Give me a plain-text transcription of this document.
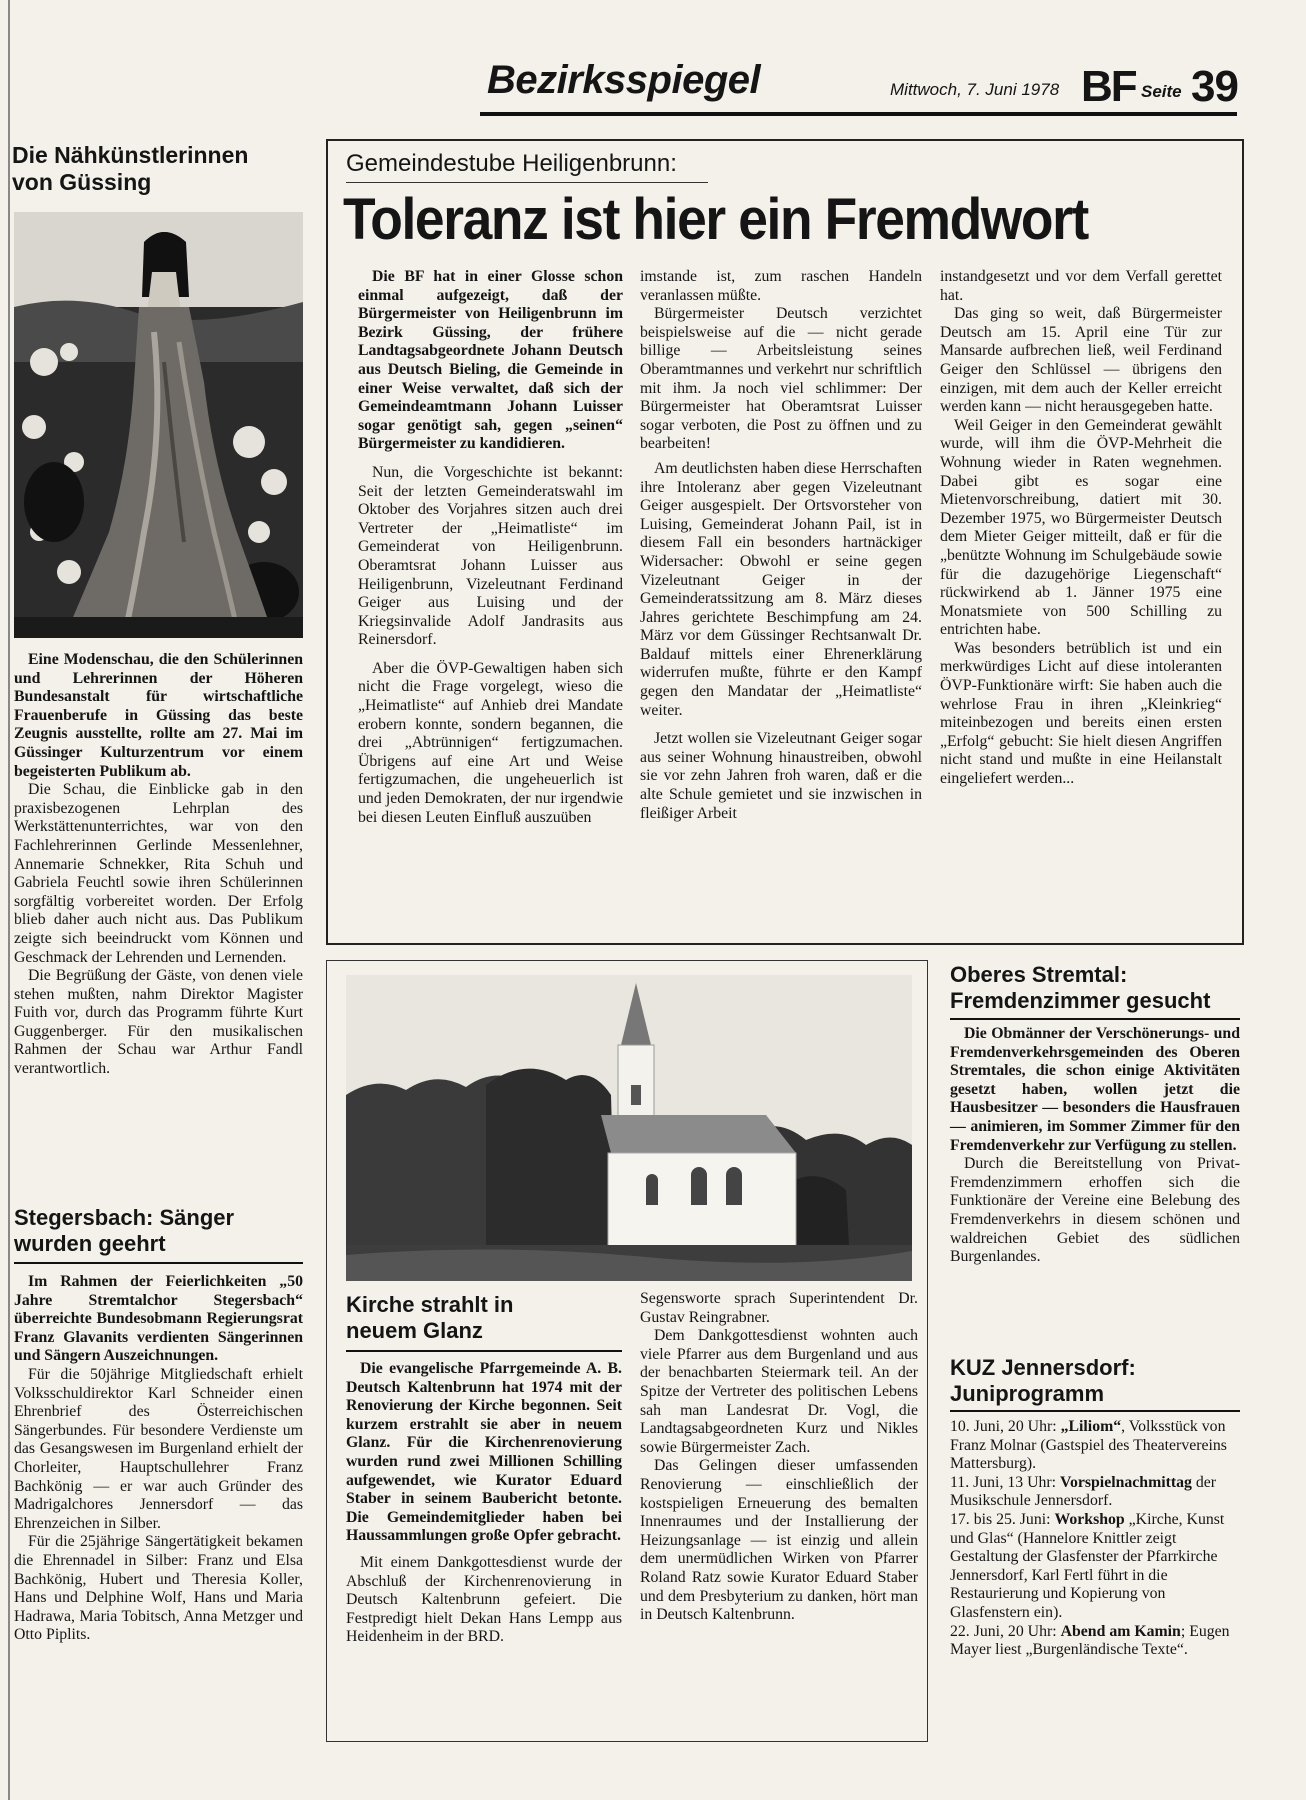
Bezirksspiegel	Mittwoch, 7. Juni 1978 BF Seite 39
Die Nähkünstlerinnen von Güssing

Eine Modenschau, die den Schülerinnen und Lehrerinnen der Höheren Bundesanstalt für wirtschaftliche Frauenberufe in Güssing das beste Zeugnis ausstellte, rollte am 27. Mai im Güssinger Kulturzentrum vor einem begeisterten Publikum ab.

Die Schau, die Einblicke gab in den praxisbezogenen Lehrplan des Werkstättenunterrichtes, war von den Fachlehrerinnen Gerlinde Messenlehner, Annemarie Schnekker, Rita Schuh und Gabriela Feuchtl sowie ihren Schülerinnen sorgfältig vorbereitet worden. Der Erfolg blieb daher auch nicht aus. Das Publikum zeigte sich beeindruckt vom Können und Geschmack der Lehrenden und Lernenden.

Die Begrüßung der Gäste, von denen viele stehen mußten, nahm Direktor Magister Fuith vor, durch das Programm führte Kurt Guggenberger. Für den musikalischen Rahmen der Schau war Arthur Fandl verantwortlich.

Stegersbach: Sänger wurden geehrt

Im Rahmen der Feierlichkeiten „50 Jahre Stremtalchor Stegersbach“ überreichte Bundesobmann Regierungsrat Franz Glavanits verdienten Sängerinnen und Sängern Auszeichnungen.

Für die 50jährige Mitgliedschaft erhielt Volksschuldirektor Karl Schneider einen Ehrenbrief des Österreichischen Sängerbundes. Für besondere Verdienste um das Gesangswesen im Burgenland erhielt der Chorleiter, Hauptschullehrer Franz Bachkönig — er war auch Gründer des Madrigalchores Jennersdorf — das Ehrenzeichen in Silber.

Für die 25jährige Sängertätigkeit bekamen die Ehrennadel in Silber: Franz und Elsa Bachkönig, Hubert und Theresia Koller, Hans und Delphine Wolf, Hans und Maria Hadrawa, Maria Tobitsch, Anna Metzger und Otto Piplits.

Gemeindestube Heiligenbrunn:
Toleranz ist hier ein Fremdwort

Die BF hat in einer Glosse schon einmal aufgezeigt, daß der Bürgermeister von Heiligenbrunn im Bezirk Güssing, der frühere Landtagsabgeordnete Johann Deutsch aus Deutsch Bieling, die Gemeinde in einer Weise verwaltet, daß sich der Gemeindeamtmann Johann Luisser sogar genötigt sah, gegen „seinen“ Bürgermeister zu kandidieren.

Nun, die Vorgeschichte ist bekannt: Seit der letzten Gemeinderatswahl im Oktober des Vorjahres sitzen auch drei Vertreter der „Heimatliste“ im Gemeinderat von Heiligenbrunn. Oberamtsrat Johann Luisser aus Heiligenbrunn, Vizeleutnant Ferdinand Geiger aus Luising und der Kriegsinvalide Adolf Jandrasits aus Reinersdorf.

Aber die ÖVP-Gewaltigen haben sich nicht die Frage vorgelegt, wieso die „Heimatliste“ auf Anhieb drei Mandate erobern konnte, sondern begannen, die drei „Abtrünnigen“ fertigzumachen. Übrigens auf eine Art und Weise fertigzumachen, die ungeheuerlich ist und jeden Demokraten, der nur irgendwie bei diesen Leuten Einfluß auszuüben

imstande ist, zum raschen Handeln veranlassen müßte.

Bürgermeister Deutsch verzichtet beispielsweise auf die — nicht gerade billige — Arbeitsleistung seines Oberamtmannes und verkehrt nur schriftlich mit ihm. Ja noch viel schlimmer: Der Bürgermeister hat Oberamtsrat Luisser sogar verboten, die Post zu öffnen und zu bearbeiten!

Am deutlichsten haben diese Herrschaften ihre Intoleranz aber gegen Vizeleutnant Geiger ausgespielt. Der Ortsvorsteher von Luising, Gemeinderat Johann Pail, ist in diesem Fall ein besonders hartnäckiger Widersacher: Obwohl er seine gegen Vizeleutnant Geiger in der Gemeinderatssitzung am 8. März dieses Jahres gerichtete Beschimpfung am 24. März vor dem Güssinger Rechtsanwalt Dr. Baldauf mittels einer Ehrenerklärung widerrufen mußte, führte er den Kampf gegen den Mandatar der „Heimatliste“ weiter.

Jetzt wollen sie Vizeleutnant Geiger sogar aus seiner Wohnung hinaustreiben, obwohl sie vor zehn Jahren froh waren, daß er die alte Schule gemietet und sie inzwischen in fleißiger Arbeit

instandgesetzt und vor dem Verfall gerettet hat.

Das ging so weit, daß Bürgermeister Deutsch am 15. April eine Tür zur Mansarde aufbrechen ließ, weil Ferdinand Geiger den Schlüssel — übrigens den einzigen, mit dem auch der Keller erreicht werden kann — nicht herausgegeben hatte.

Weil Geiger in den Gemeinderat gewählt wurde, will ihm die ÖVP-Mehrheit die Wohnung wieder in Raten wegnehmen. Dabei gibt es sogar eine Mietenvorschreibung, datiert mit 30. Dezember 1975, wo Bürgermeister Deutsch dem Mieter Geiger mitteilt, daß er für die „benützte Wohnung im Schulgebäude sowie für die dazugehörige Liegenschaft“ rückwirkend ab 1. Jänner 1975 eine Monatsmiete von 500 Schilling zu entrichten habe.

Was besonders betrüblich ist und ein merkwürdiges Licht auf diese intoleranten ÖVP-Funktionäre wirft: Sie haben auch die wehrlose Frau in ihren „Kleinkrieg“ miteinbezogen und bereits einen ersten „Erfolg“ gebucht: Sie hielt diesen Angriffen nicht stand und mußte in eine Heilanstalt eingeliefert werden...

Kirche strahlt in neuem Glanz

Die evangelische Pfarrgemeinde A. B. Deutsch Kaltenbrunn hat 1974 mit der Renovierung der Kirche begonnen. Seit kurzem erstrahlt sie aber in neuem Glanz. Für die Kirchenrenovierung wurden rund zwei Millionen Schilling aufgewendet, wie Kurator Eduard Staber in seinem Baubericht betonte. Die Gemeindemitglieder haben bei Haussammlungen große Opfer gebracht.

Mit einem Dankgottesdienst wurde der Abschluß der Kirchenrenovierung in Deutsch Kaltenbrunn gefeiert. Die Festpredigt hielt Dekan Hans Lempp aus Heidenheim in der BRD.

Segensworte sprach Superintendent Dr. Gustav Reingrabner.

Dem Dankgottesdienst wohnten auch viele Pfarrer aus dem Burgenland und aus der benachbarten Steiermark teil. An der Spitze der Vertreter des politischen Lebens sah man Landesrat Dr. Vogl, die Landtagsabgeordneten Kurz und Nikles sowie Bürgermeister Zach.

Das Gelingen dieser umfassenden Renovierung — einschließlich der kostspieligen Erneuerung des bemalten Innenraumes und der Installierung der Heizungsanlage — ist einzig und allein dem unermüdlichen Wirken von Pfarrer Roland Ratz sowie Kurator Eduard Staber und dem Presbyterium zu danken, hört man in Deutsch Kaltenbrunn.

Oberes Stremtal: Fremdenzimmer gesucht

Die Obmänner der Verschönerungs- und Fremdenverkehrsgemeinden des Oberen Stremtales, die schon einige Aktivitäten gesetzt haben, wollen jetzt die Hausbesitzer — besonders die Hausfrauen — animieren, im Sommer Zimmer für den Fremdenverkehr zur Verfügung zu stellen.

Durch die Bereitstellung von Privat-Fremdenzimmern erhoffen sich die Funktionäre der Vereine eine Belebung des Fremdenverkehrs in diesem schönen und waldreichen Gebiet des südlichen Burgenlandes.

KUZ Jennersdorf: Juniprogramm

10. Juni, 20 Uhr: „Liliom“, Volksstück von Franz Molnar (Gastspiel des Theatervereins Mattersburg).

11. Juni, 13 Uhr: Vorspielnachmittag der Musikschule Jennersdorf.

17. bis 25. Juni: Workshop „Kirche, Kunst und Glas“ (Hannelore Knittler zeigt Gestaltung der Glasfenster der Pfarrkirche Jennersdorf, Karl Fertl führt in die Restaurierung und Kopierung von Glasfenstern ein).

22. Juni, 20 Uhr: Abend am Kamin; Eugen Mayer liest „Burgenländische Texte“.
